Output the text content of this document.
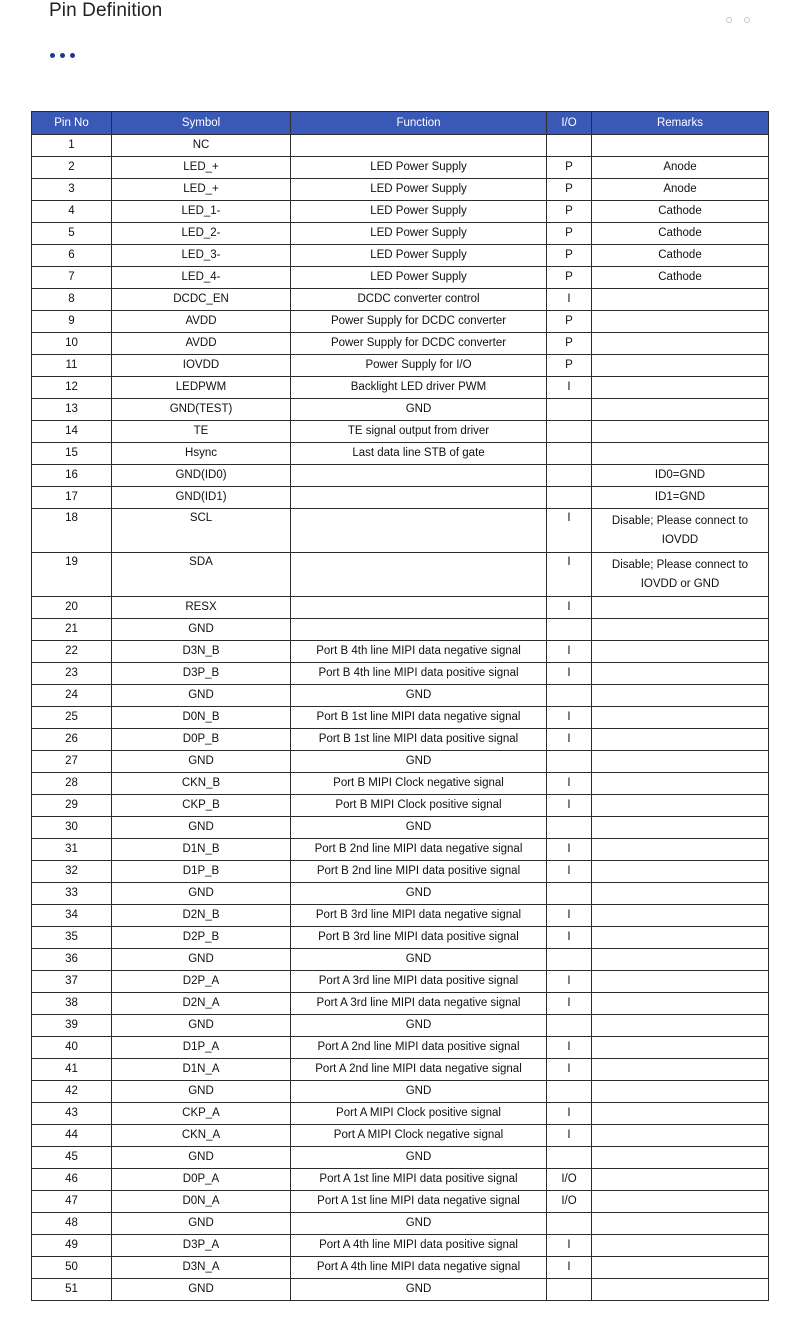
Pin Definition
Pin No	Symbol	Function	I/O	Remarks
1	NC			
2	LED_+	LED Power Supply	P	Anode
3	LED_+	LED Power Supply	P	Anode
4	LED_1-	LED Power Supply	P	Cathode
5	LED_2-	LED Power Supply	P	Cathode
6	LED_3-	LED Power Supply	P	Cathode
7	LED_4-	LED Power Supply	P	Cathode
8	DCDC_EN	DCDC converter control	I	
9	AVDD	Power Supply for DCDC converter	P	
10	AVDD	Power Supply for DCDC converter	P	
11	IOVDD	Power Supply for I/O	P	
12	LEDPWM	Backlight LED driver PWM	I	
13	GND(TEST)	GND		
14	TE	TE signal output from driver		
15	Hsync	Last data line STB of gate		
16	GND(ID0)			ID0=GND
17	GND(ID1)			ID1=GND
18	SCL		I	Disable; Please connect to IOVDD
19	SDA		I	Disable; Please connect to IOVDD or GND
20	RESX		I	
21	GND			
22	D3N_B	Port B 4th line MIPI data negative signal	I	
23	D3P_B	Port B 4th line MIPI data positive signal	I	
24	GND	GND		
25	D0N_B	Port B 1st line MIPI data negative signal	I	
26	D0P_B	Port B 1st line MIPI data positive signal	I	
27	GND	GND		
28	CKN_B	Port B MIPI Clock negative signal	I	
29	CKP_B	Port B MIPI Clock positive signal	I	
30	GND	GND		
31	D1N_B	Port B 2nd line MIPI data negative signal	I	
32	D1P_B	Port B 2nd line MIPI data positive signal	I	
33	GND	GND		
34	D2N_B	Port B 3rd line MIPI data negative signal	I	
35	D2P_B	Port B 3rd line MIPI data positive signal	I	
36	GND	GND		
37	D2P_A	Port A 3rd line MIPI data positive signal	I	
38	D2N_A	Port A 3rd line MIPI data negative signal	I	
39	GND	GND		
40	D1P_A	Port A 2nd line MIPI data positive signal	I	
41	D1N_A	Port A 2nd line MIPI data negative signal	I	
42	GND	GND		
43	CKP_A	Port A MIPI Clock positive signal	I	
44	CKN_A	Port A MIPI Clock negative signal	I	
45	GND	GND		
46	D0P_A	Port A 1st line MIPI data positive signal	I/O	
47	D0N_A	Port A 1st line MIPI data negative signal	I/O	
48	GND	GND		
49	D3P_A	Port A 4th line MIPI data positive signal	I	
50	D3N_A	Port A 4th line MIPI data negative signal	I	
51	GND	GND		
